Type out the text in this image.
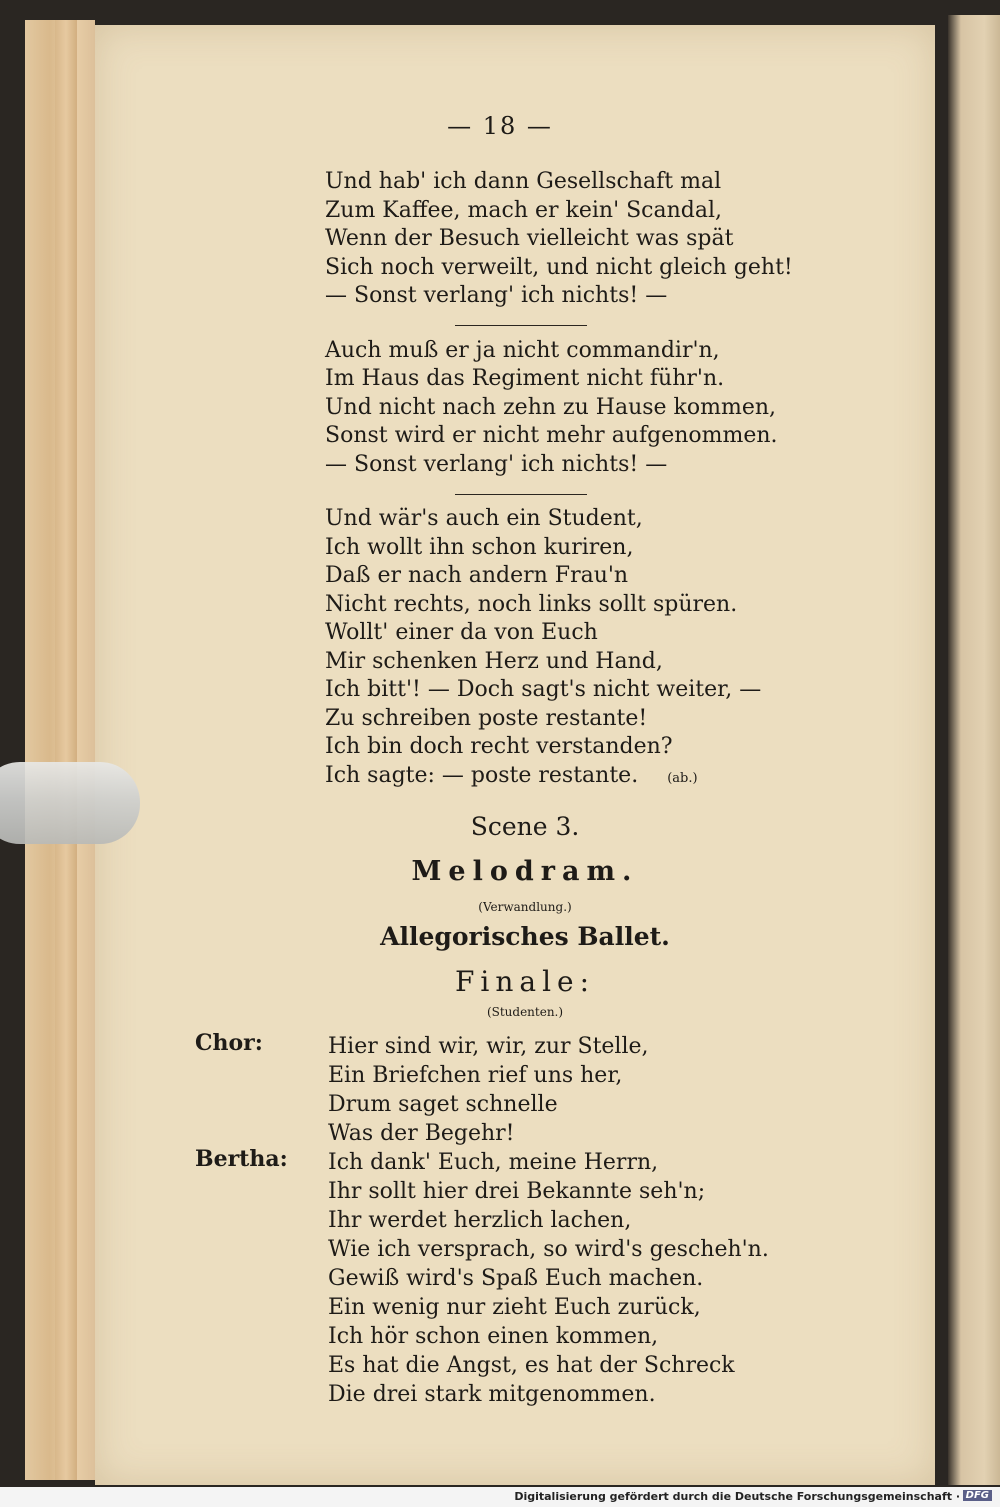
— 18 —
Und hab' ich dann Gesellschaft mal
Zum Kaffee, mach er kein' Scandal,
Wenn der Besuch vielleicht was spät
Sich noch verweilt, und nicht gleich geht!
— Sonst verlang' ich nichts! —
Auch muß er ja nicht commandir'n,
Im Haus das Regiment nicht führ'n.
Und nicht nach zehn zu Hause kommen,
Sonst wird er nicht mehr aufgenommen.
— Sonst verlang' ich nichts! —
Und wär's auch ein Student,
Ich wollt ihn schon kuriren,
Daß er nach andern Frau'n
Nicht rechts, noch links sollt spüren.
Wollt' einer da von Euch
Mir schenken Herz und Hand,
Ich bitt'! — Doch sagt's nicht weiter, —
Zu schreiben poste restante!
Ich bin doch recht verstanden?
Ich sagte: — poste restante. (ab.)
Scene 3.
Melodram.
(Verwandlung.)
Allegorisches Ballet.
Finale:
(Studenten.)
Chor:
Bertha:
Hier sind wir, wir, zur Stelle,
Ein Briefchen rief uns her,
Drum saget schnelle
Was der Begehr!
Ich dank' Euch, meine Herrn,
Ihr sollt hier drei Bekannte seh'n;
Ihr werdet herzlich lachen,
Wie ich versprach, so wird's gescheh'n.
Gewiß wird's Spaß Euch machen.
Ein wenig nur zieht Euch zurück,
Ich hör schon einen kommen,
Es hat die Angst, es hat der Schreck
Die drei stark mitgenommen.
Digitalisierung gefördert durch die Deutsche Forschungsgemeinschaft · DFG
